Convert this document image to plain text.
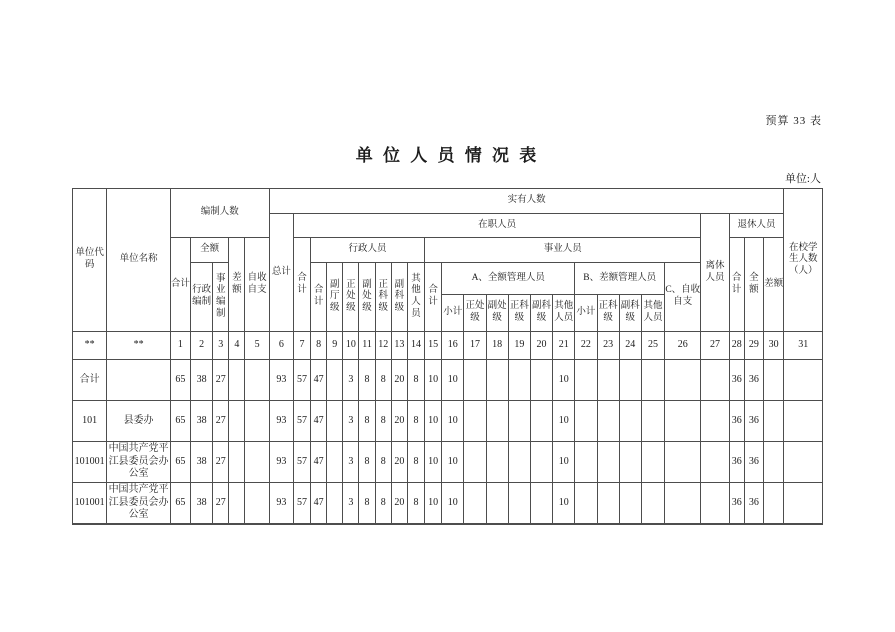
预算 33 表
单 位 人 员 情 况 表
单位:人
单位代码	单位名称	编制人数					实有人数																									在校学生人数（人）
							总计	在职人员																				离休人员	退休人员			
		合计	全额		差额	自收自支		合计	行政人员							事业人员													合计	全额	差额	
			行政编制	事业编制					合计	副厅级	正处级	副处级	正科级	副科级	其他人员	合计	A、全额管理人员						B、差额管理人员				C、自收自支					
																	小计	正处级	副处级	正科级	副科级	其他人员	小计	正科级	副科级	其他人员						
**	**	1	2	3	4	5	6	7	8	9	10	11	12	13	14	15	16	17	18	19	20	21	22	23	24	25	26	27	28	29	30	31
合计		65	38	27			93	57	47		3	8	8	20	8	10	10					10							36	36		
101	县委办	65	38	27			93	57	47		3	8	8	20	8	10	10					10							36	36		
101001	中国共产党平江县委员会办公室	65	38	27			93	57	47		3	8	8	20	8	10	10					10							36	36		
101001	中国共产党平江县委员会办公室	65	38	27			93	57	47		3	8	8	20	8	10	10					10							36	36		
